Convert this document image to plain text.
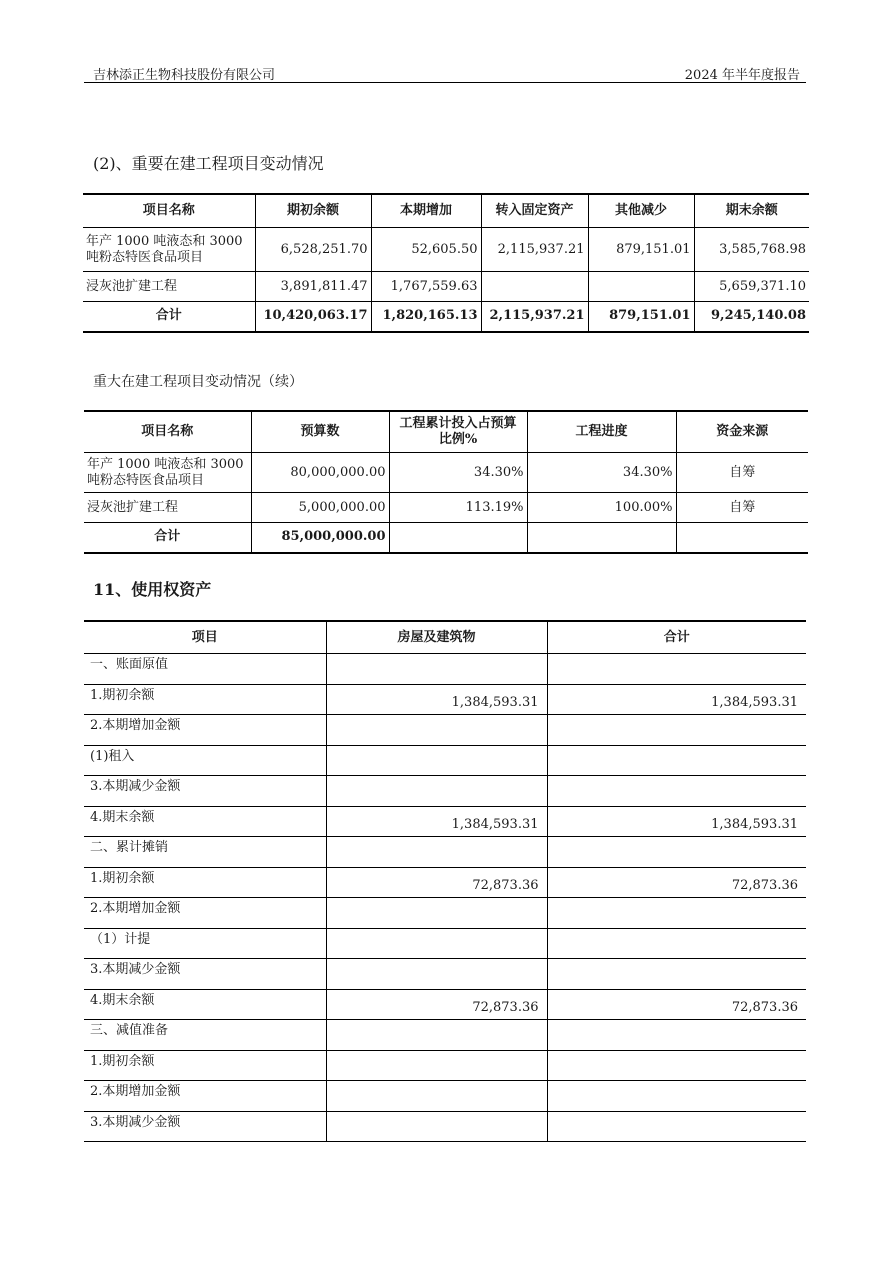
吉林添正生物科技股份有限公司	2024 年半年度报告
(2)、重要在建工程项目变动情况
项目名称	期初余额	本期增加	转入固定资产	其他减少	期末余额
年产 1000 吨液态和 3000 吨粉态特医食品项目	6,528,251.70	52,605.50	2,115,937.21	879,151.01	3,585,768.98
浸灰池扩建工程	3,891,811.47	1,767,559.63			5,659,371.10
合计	10,420,063.17	1,820,165.13	2,115,937.21	879,151.01	9,245,140.08
重大在建工程项目变动情况（续）
项目名称	预算数	工程累计投入占预算比例%	工程进度	资金来源
年产 1000 吨液态和 3000 吨粉态特医食品项目	80,000,000.00	34.30%	34.30%	自筹
浸灰池扩建工程	5,000,000.00	113.19%	100.00%	自筹
合计	85,000,000.00			
11、使用权资产
项目	房屋及建筑物	合计
一、账面原值		
1.期初余额	1,384,593.31	1,384,593.31
2.本期增加金额		
(1)租入		
3.本期减少金额		
4.期末余额	1,384,593.31	1,384,593.31
二、累计摊销		
1.期初余额	72,873.36	72,873.36
2.本期增加金额		
（1）计提		
3.本期减少金额		
4.期末余额	72,873.36	72,873.36
三、减值准备		
1.期初余额		
2.本期增加金额		
3.本期减少金额		
